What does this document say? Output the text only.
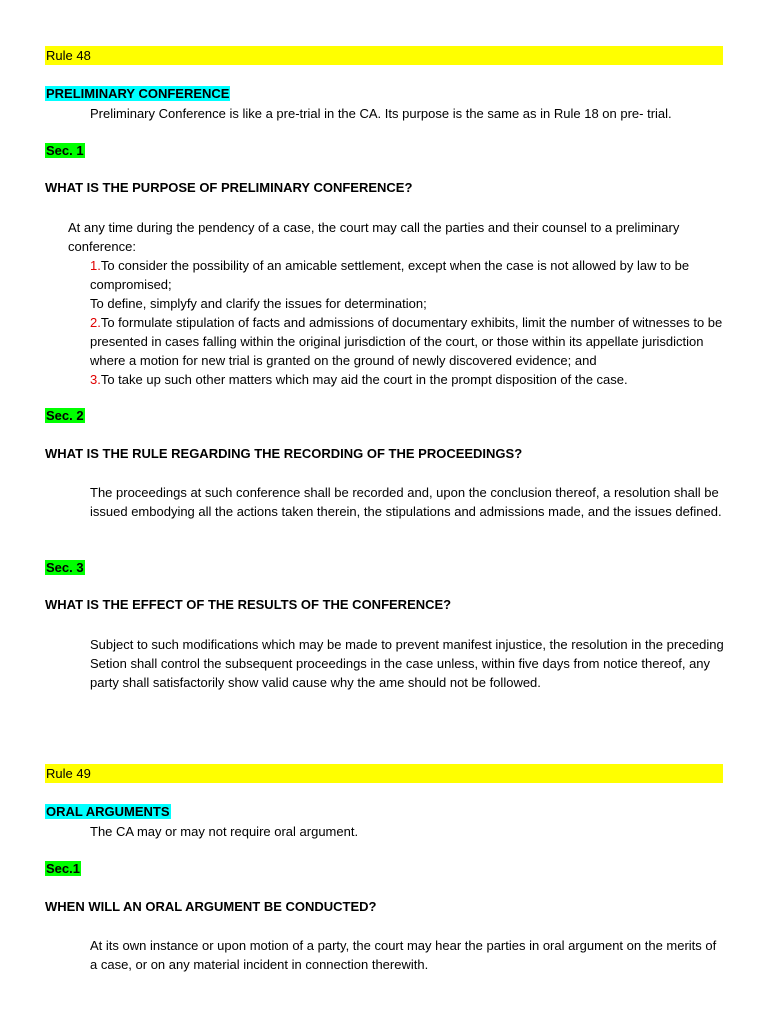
Rule 48
PRELIMINARY CONFERENCE
Preliminary Conference is like a pre-trial in the CA. Its purpose is the same as in Rule 18 on pre- trial.
Sec. 1
WHAT IS THE PURPOSE OF PRELIMINARY CONFERENCE?
At any time during the pendency of a case, the court may call the parties and their counsel to a preliminary conference:
1.To consider the possibility of an amicable settlement, except when the case is not allowed by law to be compromised;
To define, simplyfy and clarify the issues for determination;
2.To formulate stipulation of facts and admissions of documentary exhibits, limit the number of witnesses to be presented in cases falling within the original jurisdiction of the court, or those within its appellate jurisdiction where a motion for new trial is granted on the ground of newly discovered evidence; and
3.To take up such other matters which may aid the court in the prompt disposition of the case.
Sec. 2
WHAT IS THE RULE REGARDING THE RECORDING OF THE PROCEEDINGS?
The proceedings at such conference shall be recorded and, upon the conclusion thereof, a resolution shall be issued embodying all the actions taken therein, the stipulations and admissions made, and the issues defined.
Sec. 3
WHAT IS THE EFFECT OF THE RESULTS OF THE CONFERENCE?
Subject to such modifications which may be made to prevent manifest injustice, the resolution in the preceding Setion shall control the subsequent proceedings in the case unless, within five days from notice thereof, any party shall satisfactorily show valid cause why the ame should not be followed.
Rule 49
ORAL ARGUMENTS
The CA may or may not require oral argument.
Sec.1
WHEN WILL AN ORAL ARGUMENT BE CONDUCTED?
At its own instance or upon motion of a party, the court may hear the parties in oral argument on the merits of a case, or on any material incident in connection therewith.
